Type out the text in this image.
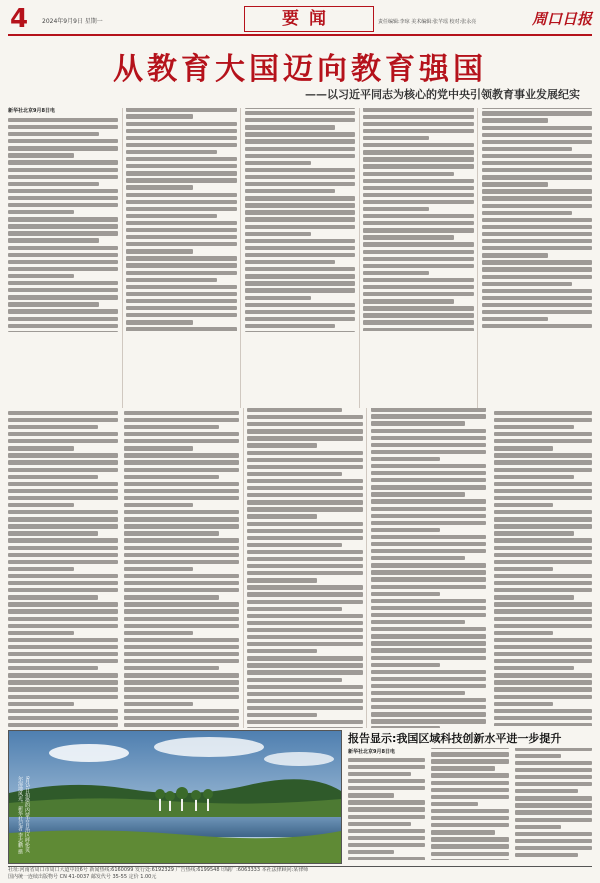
4 2024年9月9日 星期一	要闻	责任编辑:李琼 美术编辑:张芊瑶 校对:张永亮	周口日报
从教育大国迈向教育强国
——以习近平同志为核心的党中央引领教育事业发展纪实
新华社北京9月8日电
9月5日拍摄的内蒙古自治区呼伦贝尔湿地风光。新华社记者 李志鹏 摄
报告显示:我国区域科技创新水平进一步提升
新华社北京9月8日电
社址:河南省周口市周口大道中段6号 新闻热线:6160099 发行处:6192329 广告热线:6199548 印刷厂:6063333 本社法律顾问:某律师
国内统一连续出版物号 CN 41-0037 邮发代号 35-55 定价 1.00元
